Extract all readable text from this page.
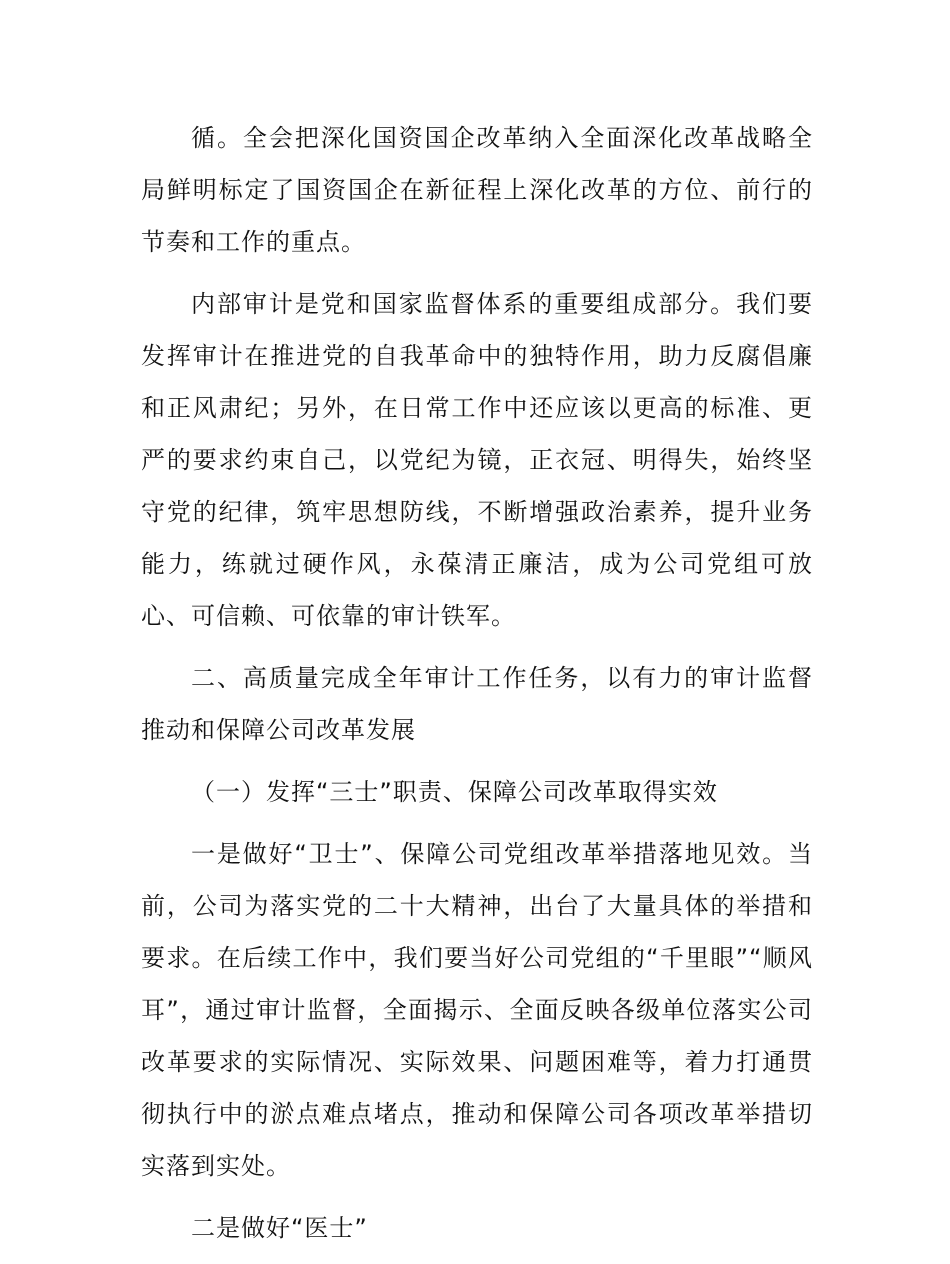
循。全会把深化国资国企改革纳入全面深化改革战略全局鲜明标定了国资国企在新征程上深化改革的方位、前行的节奏和工作的重点。

内部审计是党和国家监督体系的重要组成部分。我们要发挥审计在推进党的自我革命中的独特作用，助力反腐倡廉和正风肃纪；另外，在日常工作中还应该以更高的标准、更严的要求约束自己，以党纪为镜，正衣冠、明得失，始终坚守党的纪律，筑牢思想防线，不断增强政治素养，提升业务能力，练就过硬作风，永葆清正廉洁，成为公司党组可放心、可信赖、可依靠的审计铁军。

二、高质量完成全年审计工作任务，以有力的审计监督推动和保障公司改革发展

（一）发挥“三士”职责、保障公司改革取得实效

一是做好“卫士”、保障公司党组改革举措落地见效。当前，公司为落实党的二十大精神，出台了大量具体的举措和要求。在后续工作中，我们要当好公司党组的“千里眼”“顺风耳”，通过审计监督，全面揭示、全面反映各级单位落实公司改革要求的实际情况、实际效果、问题困难等，着力打通贯彻执行中的淤点难点堵点，推动和保障公司各项改革举措切实落到实处。

二是做好“医士”
